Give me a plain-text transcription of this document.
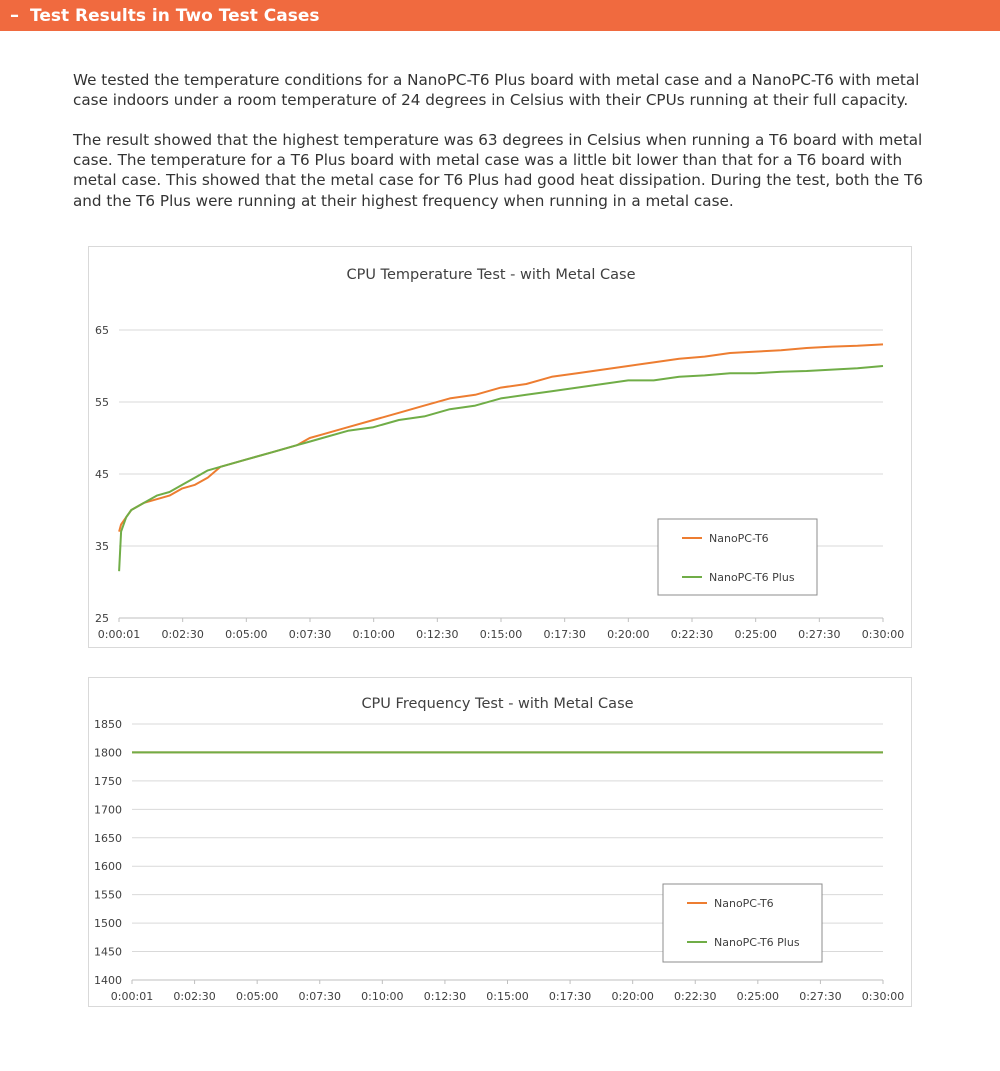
– Test Results in Two Test Cases

We tested the temperature conditions for a NanoPC-T6 Plus board with metal case and a NanoPC-T6 with metal case indoors under a room temperature of 24 degrees in Celsius with their CPUs running at their full capacity.

The result showed that the highest temperature was 63 degrees in Celsius when running a T6 board with metal case. The temperature for a T6 Plus board with metal case was a little bit lower than that for a T6 board with metal case. This showed that the metal case for T6 Plus had good heat dissipation. During the test, both the T6 and the T6 Plus were running at their highest frequency when running in a metal case.

CPU Temperature Test - with Metal Case
25
35
45
55
65
0:00:01 0:02:30 0:05:00 0:07:30 0:10:00 0:12:30 0:15:00 0:17:30 0:20:00 0:22:30 0:25:00 0:27:30 0:30:00
NanoPC-T6
NanoPC-T6 Plus
CPU Frequency Test - with Metal Case
1400
1450
1500
1550
1600
1650
1700
1750
1800
1850
0:00:01 0:02:30 0:05:00 0:07:30 0:10:00 0:12:30 0:15:00 0:17:30 0:20:00 0:22:30 0:25:00 0:27:30 0:30:00
NanoPC-T6
NanoPC-T6 Plus
